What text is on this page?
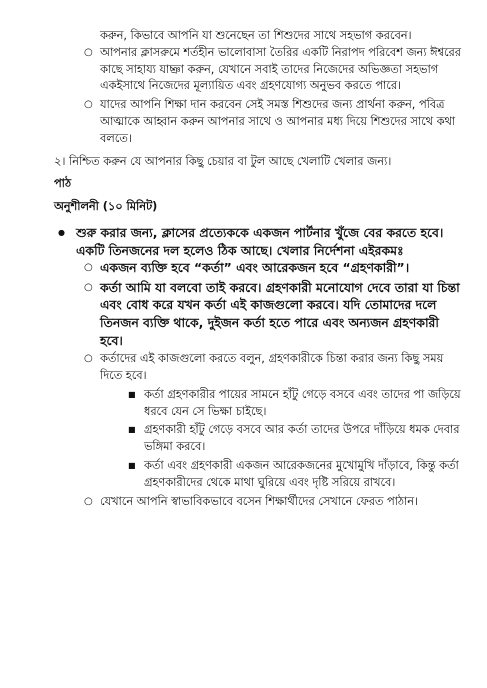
করুন, কিভাবে আপনি যা শুনেছেন তা শিশুদের সাথে সহভাগ করবেন।
○ আপনার ক্লাসরুমে শর্তহীন ভালোবাসা তৈরির একটি নিরাপদ পরিবেশ জন্য ঈশ্বরের কাছে সাহায্য যাচ্ঞা করুন, যেখানে সবাই তাদের নিজেদের অভিজ্ঞতা সহভাগ একইসাথে নিজেদের মূল্যায়িত এবং গ্রহণযোগ্য অনুভব করতে পারে।
○ যাদের আপনি শিক্ষা দান করবেন সেই সমস্ত শিশুদের জন্য প্রার্থনা করুন, পবিত্র আত্মাকে আহ্বান করুন আপনার সাথে ও আপনার মধ্য দিয়ে শিশুদের সাথে কথা বলতে।

২। নিশ্চিত করুন যে আপনার কিছু চেয়ার বা টুল আছে খেলাটি খেলার জন্য।

পাঠ

অনুশীলনী (১০ মিনিট)

● শুরু করার জন্য, ক্লাসের প্রত্যেককে একজন পার্টনার খুঁজে বের করতে হবে। একটি তিনজনের দল হলেও ঠিক আছে। খেলার নির্দেশনা এইরকমঃ
○ একজন ব্যক্তি হবে “কর্তা” এবং আরেকজন হবে “গ্রহণকারী”।
○ কর্তা আমি যা বলবো তাই করবে। গ্রহণকারী মনোযোগ দেবে তারা যা চিন্তা এবং বোধ করে যখন কর্তা এই কাজগুলো করবে। যদি তোমাদের দলে তিনজন ব্যক্তি থাকে, দুইজন কর্তা হতে পারে এবং অন্যজন গ্রহণকারী হবে।
○ কর্তাদের এই কাজগুলো করতে বলুন, গ্রহণকারীকে চিন্তা করার জন্য কিছু সময় দিতে হবে।
■ কর্তা গ্রহণকারীর পায়ের সামনে হাঁটু গেড়ে বসবে এবং তাদের পা জড়িয়ে ধরবে যেন সে ভিক্ষা চাইছে।
■ গ্রহণকারী হাঁটু গেড়ে বসবে আর কর্তা তাদের উপরে দাঁড়িয়ে ধমক দেবার ভঙ্গিমা করবে।
■ কর্তা এবং গ্রহণকারী একজন আরেকজনের মুখোমুখি দাঁড়াবে, কিন্তু কর্তা গ্রহণকারীদের থেকে মাথা ঘুরিয়ে এবং দৃষ্টি সরিয়ে রাখবে।
○ যেখানে আপনি স্বাভাবিকভাবে বসেন শিক্ষার্থীদের সেখানে ফেরত পাঠান।
